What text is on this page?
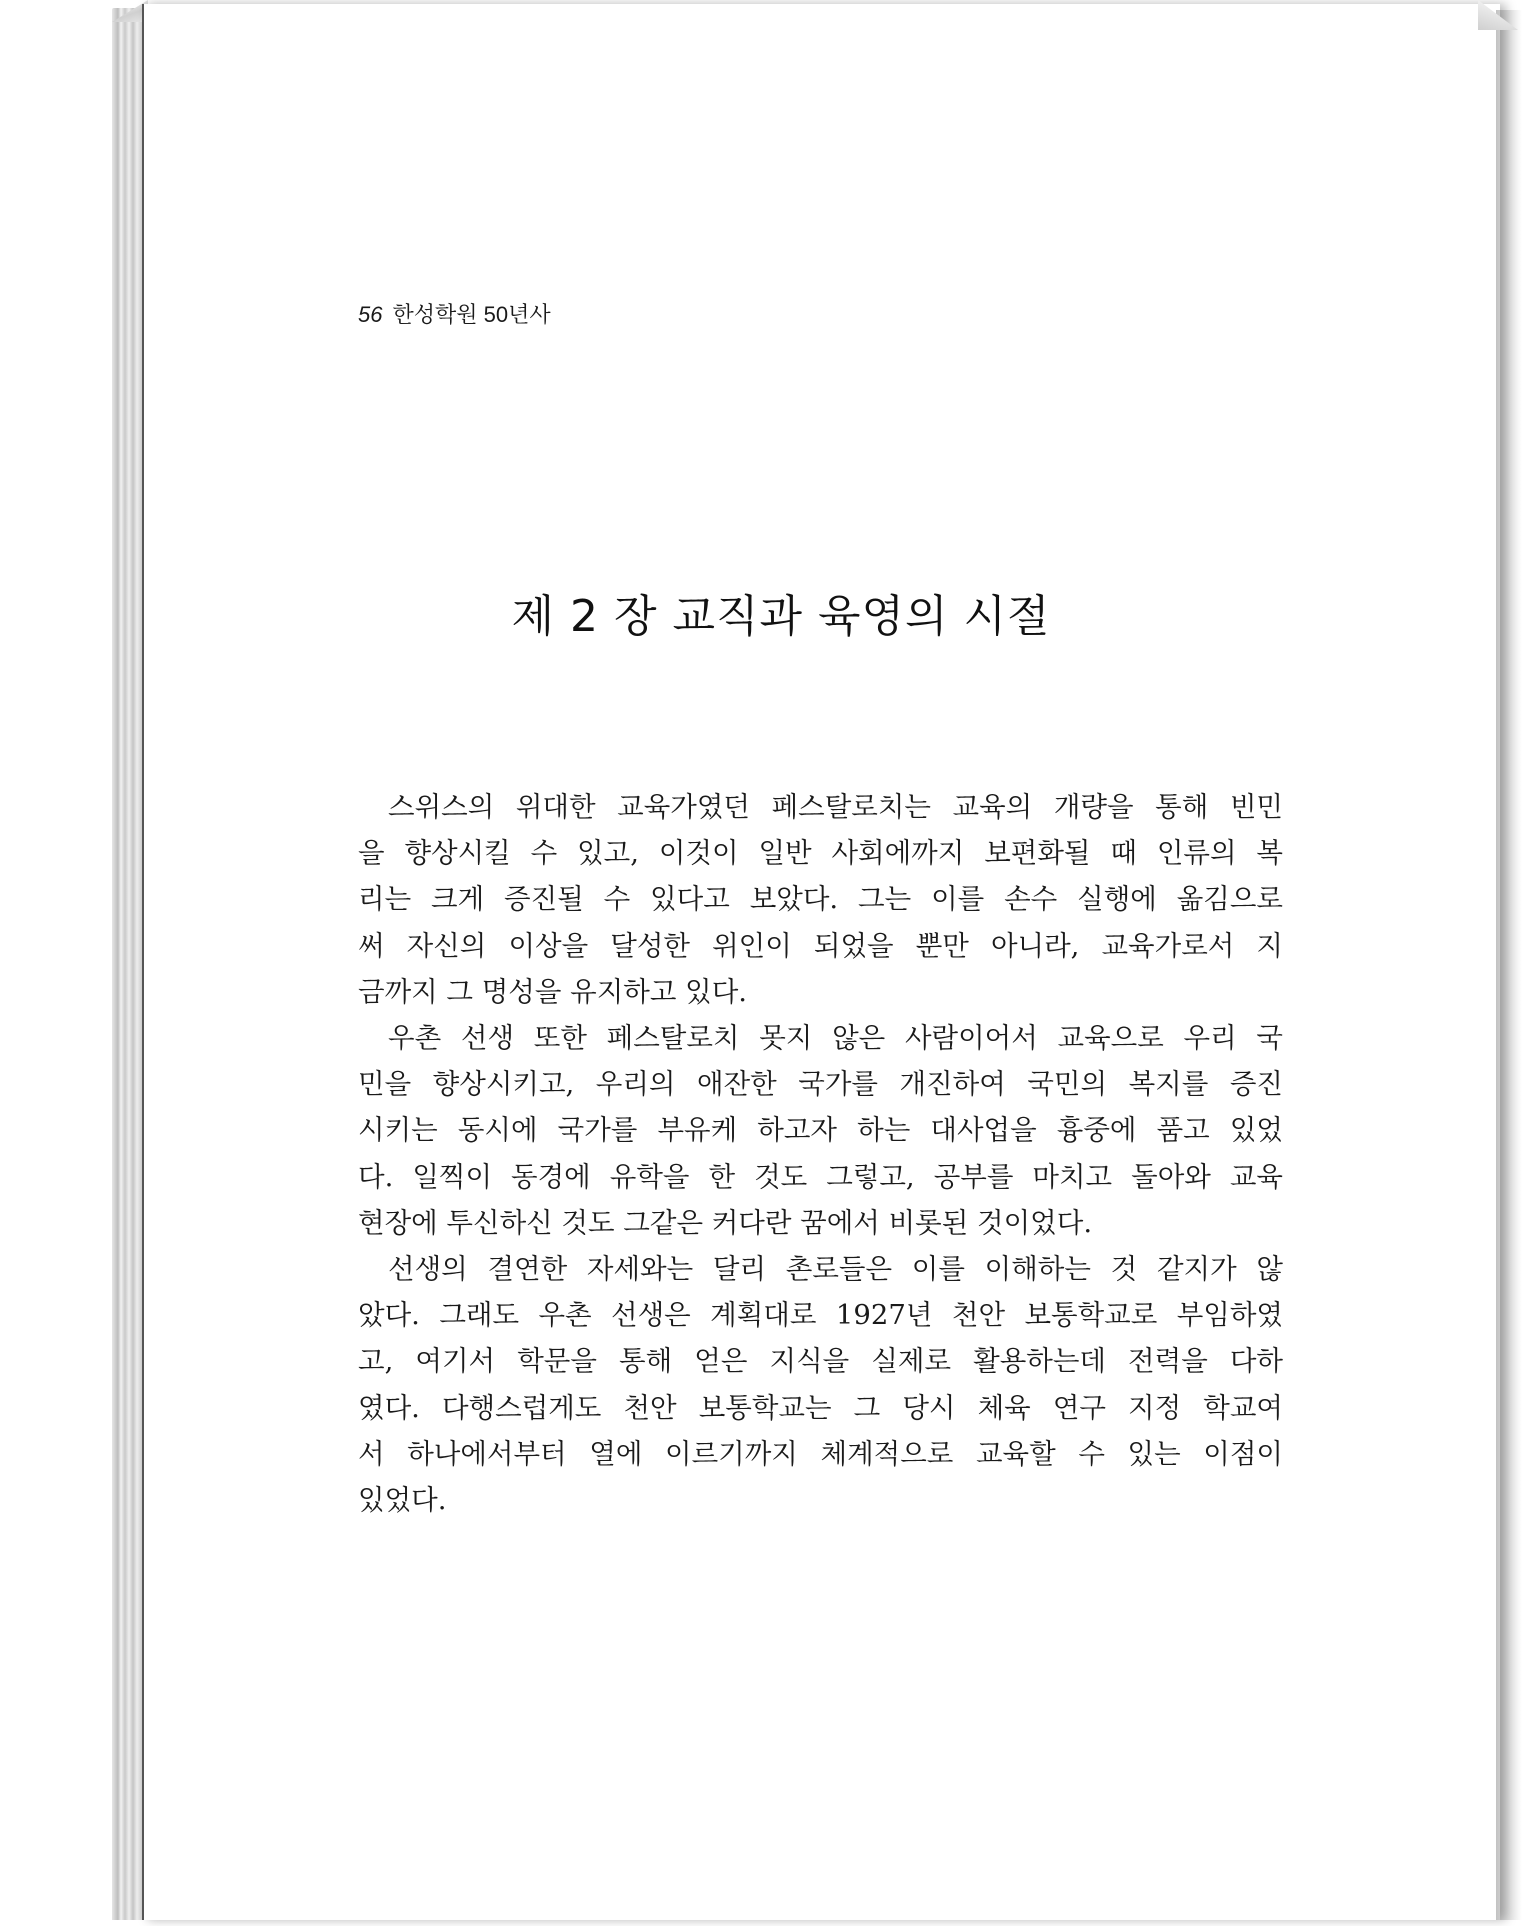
56 한성학원 50년사
제 2 장 교직과 육영의 시절
스위스의 위대한 교육가였던 페스탈로치는 교육의 개량을 통해 빈민
을 향상시킬 수 있고, 이것이 일반 사회에까지 보편화될 때 인류의 복
리는 크게 증진될 수 있다고 보았다. 그는 이를 손수 실행에 옮김으로
써 자신의 이상을 달성한 위인이 되었을 뿐만 아니라, 교육가로서 지
금까지 그 명성을 유지하고 있다.
우촌 선생 또한 페스탈로치 못지 않은 사람이어서 교육으로 우리 국
민을 향상시키고, 우리의 애잔한 국가를 개진하여 국민의 복지를 증진
시키는 동시에 국가를 부유케 하고자 하는 대사업을 흉중에 품고 있었
다. 일찍이 동경에 유학을 한 것도 그렇고, 공부를 마치고 돌아와 교육
현장에 투신하신 것도 그같은 커다란 꿈에서 비롯된 것이었다.
선생의 결연한 자세와는 달리 촌로들은 이를 이해하는 것 같지가 않
았다. 그래도 우촌 선생은 계획대로 1927년 천안 보통학교로 부임하였
고, 여기서 학문을 통해 얻은 지식을 실제로 활용하는데 전력을 다하
였다. 다행스럽게도 천안 보통학교는 그 당시 체육 연구 지정 학교여
서 하나에서부터 열에 이르기까지 체계적으로 교육할 수 있는 이점이
있었다.
